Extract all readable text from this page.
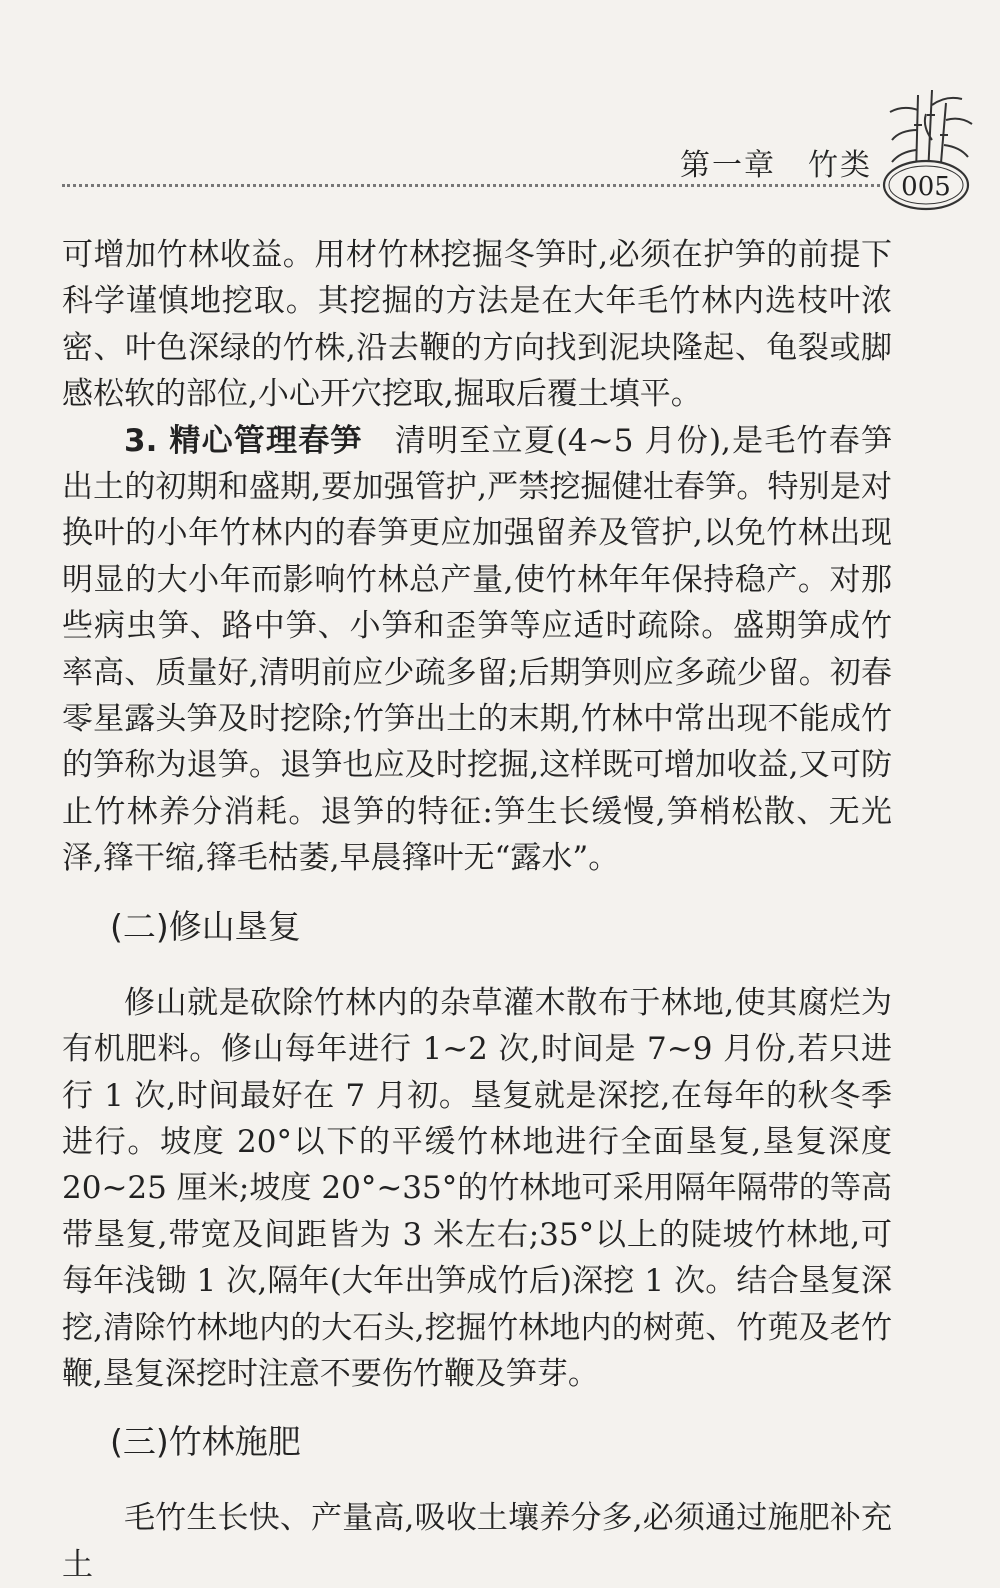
第一章　竹类
005

可增加竹林收益。用材竹林挖掘冬笋时,必须在护笋的前提下科学谨慎地挖取。其挖掘的方法是在大年毛竹林内选枝叶浓密、叶色深绿的竹株,沿去鞭的方向找到泥块隆起、龟裂或脚感松软的部位,小心开穴挖取,掘取后覆土填平。

3. 精心管理春笋　清明至立夏(4~5 月份),是毛竹春笋出土的初期和盛期,要加强管护,严禁挖掘健壮春笋。特别是对换叶的小年竹林内的春笋更应加强留养及管护,以免竹林出现明显的大小年而影响竹林总产量,使竹林年年保持稳产。对那些病虫笋、路中笋、小笋和歪笋等应适时疏除。盛期笋成竹率高、质量好,清明前应少疏多留;后期笋则应多疏少留。初春零星露头笋及时挖除;竹笋出土的末期,竹林中常出现不能成竹的笋称为退笋。退笋也应及时挖掘,这样既可增加收益,又可防止竹林养分消耗。退笋的特征:笋生长缓慢,笋梢松散、无光泽,箨干缩,箨毛枯萎,早晨箨叶无“露水”。

(二)修山垦复

修山就是砍除竹林内的杂草灌木散布于林地,使其腐烂为有机肥料。修山每年进行 1~2 次,时间是 7~9 月份,若只进行 1 次,时间最好在 7 月初。垦复就是深挖,在每年的秋冬季进行。坡度 20°以下的平缓竹林地进行全面垦复,垦复深度 20~25 厘米;坡度 20°~35°的竹林地可采用隔年隔带的等高带垦复,带宽及间距皆为 3 米左右;35°以上的陡坡竹林地,可每年浅锄 1 次,隔年(大年出笋成竹后)深挖 1 次。结合垦复深挖,清除竹林地内的大石头,挖掘竹林地内的树蔸、竹蔸及老竹鞭,垦复深挖时注意不要伤竹鞭及笋芽。

(三)竹林施肥

毛竹生长快、产量高,吸收土壤养分多,必须通过施肥补充土
